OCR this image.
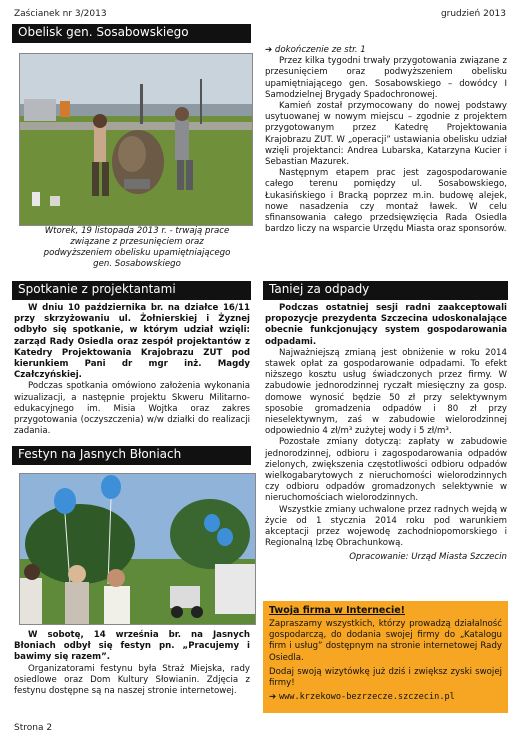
Zaścianek nr 3/2013	grudzień 2013
Obelisk gen. Sosabowskiego
Wtorek, 19 listopada 2013 r. - trwają prace związane z przesunięciem oraz podwyższeniem obelisku upamiętniającego gen. Sosabowskiego
Spotkanie z projektantami

W dniu 10 października br. na działce 16/11 przy skrzyżowaniu ul. Żołnierskiej i Żyznej odbyło się spotkanie, w którym udział wzięli: zarząd Rady Osiedla oraz zespół projektantów z Katedry Projektowania Krajobrazu ZUT pod kierunkiem Pani dr mgr inż. Magdy Czałczyńskiej.

Podczas spotkania omówiono założenia wykonania wizualizacji, a następnie projektu Skweru Militarno-edukacyjnego im. Misia Wojtka oraz zakres przygotowania (oczyszczenia) w/w działki do realizacji zadania.

Festyn na Jasnych Błoniach

W sobotę, 14 września br. na Jasnych Błoniach odbył się festyn pn. „Pracujemy i bawimy się razem”.

Organizatorami festynu była Straż Miejska, rady osiedlowe oraz Dom Kultury Słowianin. Zdjęcia z festynu dostępne są na naszej stronie internetowej.

➔ dokończenie ze str. 1

Przez kilka tygodni trwały przygotowania związane z przesunięciem oraz podwyższeniem obelisku upamiętniającego gen. Sosabowskiego – dowódcy I Samodzielnej Brygady Spadochronowej.

Kamień został przymocowany do nowej podstawy usytuowanej w nowym miejscu – zgodnie z projektem przygotowanym przez Katedrę Projektowania Krajobrazu ZUT. W „operacji” ustawiania obelisku udział wzięli projektanci: Andrea Lubarska, Katarzyna Kucier i Sebastian Mazurek.

Następnym etapem prac jest zagospodarowanie całego terenu pomiędzy ul. Sosabowskiego, Łukasińskiego i Bracką poprzez m.in. budowę alejek, nowe nasadzenia czy montaż ławek. W celu sfinansowania całego przedsięwzięcia Rada Osiedla bardzo liczy na wsparcie Urzędu Miasta oraz sponsorów.

Taniej za odpady

Podczas ostatniej sesji radni zaakceptowali propozycje prezydenta Szczecina udoskonalające obecnie funkcjonujący system gospodarowania odpadami.

Najważniejszą zmianą jest obniżenie w roku 2014 stawek opłat za gospodarowanie odpadami. To efekt niższego kosztu usług świadczonych przez firmy. W zabudowie jednorodzinnej ryczałt miesięczny za gosp. domowe wynosić będzie 50 zł przy selektywnym sposobie gromadzenia odpadów i 80 zł przy nieselektywnym, zaś w zabudowie wielorodzinnej odpowiednio 4 zł/m³ zużytej wody i 5 zł/m³.

Pozostałe zmiany dotyczą: zapłaty w zabudowie jednorodzinnej, odbioru i zagospodarowania odpadów zielonych, zwiększenia częstotliwości odbioru odpadów wielkogabarytowych z nieruchomości wielorodzinnych czy odbioru odpadów gromadzonych selektywnie w nieruchomościach wielorodzinnych.

Wszystkie zmiany uchwalone przez radnych wejdą w życie od 1 stycznia 2014 roku pod warunkiem akceptacji przez wojewodę zachodniopomorskiego i Regionalną Izbę Obrachunkową.

Opracowanie: Urząd Miasta Szczecin

Twoja firma w Internecie!
Zapraszamy wszystkich, którzy prowadzą działalność gospodarczą, do dodania swojej firmy do „Katalogu firm i usług” dostępnym na stronie internetowej Rady Osiedla.
Dodaj swoją wizytówkę już dziś i zwiększ zyski swojej firmy!
➔ www.krzekowo-bezrzecze.szczecin.pl
Strona 2
